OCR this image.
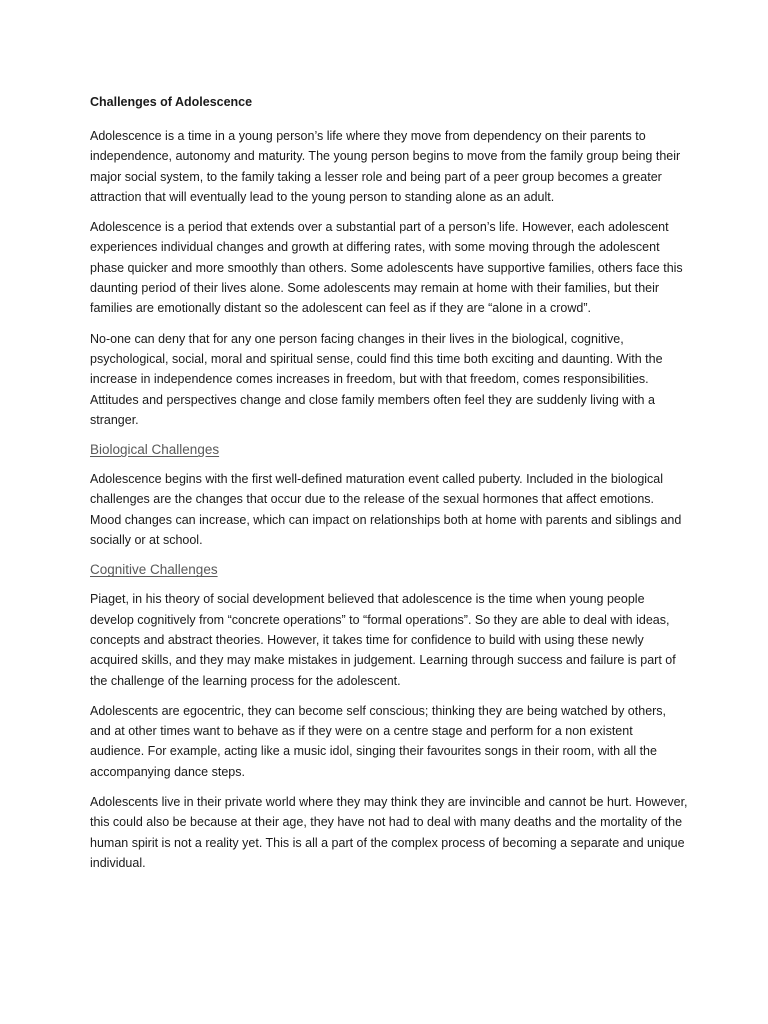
Challenges of Adolescence

Adolescence is a time in a young person’s life where they move from dependency on their parents to independence, autonomy and maturity. The young person begins to move from the family group being their major social system, to the family taking a lesser role and being part of a peer group becomes a greater attraction that will eventually lead to the young person to standing alone as an adult.

Adolescence is a period that extends over a substantial part of a person’s life. However, each adolescent experiences individual changes and growth at differing rates, with some moving through the adolescent phase quicker and more smoothly than others. Some adolescents have supportive families, others face this daunting period of their lives alone. Some adolescents may remain at home with their families, but their families are emotionally distant so the adolescent can feel as if they are “alone in a crowd”.

No-one can deny that for any one person facing changes in their lives in the biological, cognitive, psychological, social, moral and spiritual sense, could find this time both exciting and daunting. With the increase in independence comes increases in freedom, but with that freedom, comes responsibilities. Attitudes and perspectives change and close family members often feel they are suddenly living with a stranger.

Biological Challenges

Adolescence begins with the first well-defined maturation event called puberty. Included in the biological challenges are the changes that occur due to the release of the sexual hormones that affect emotions. Mood changes can increase, which can impact on relationships both at home with parents and siblings and socially or at school.

Cognitive Challenges

Piaget, in his theory of social development believed that adolescence is the time when young people develop cognitively from “concrete operations” to “formal operations”. So they are able to deal with ideas, concepts and abstract theories. However, it takes time for confidence to build with using these newly acquired skills, and they may make mistakes in judgement. Learning through success and failure is part of the challenge of the learning process for the adolescent.

Adolescents are egocentric, they can become self conscious; thinking they are being watched by others, and at other times want to behave as if they were on a centre stage and perform for a non existent audience. For example, acting like a music idol, singing their favourites songs in their room, with all the accompanying dance steps.

Adolescents live in their private world where they may think they are invincible and cannot be hurt. However, this could also be because at their age, they have not had to deal with many deaths and the mortality of the human spirit is not a reality yet. This is all a part of the complex process of becoming a separate and unique individual.
